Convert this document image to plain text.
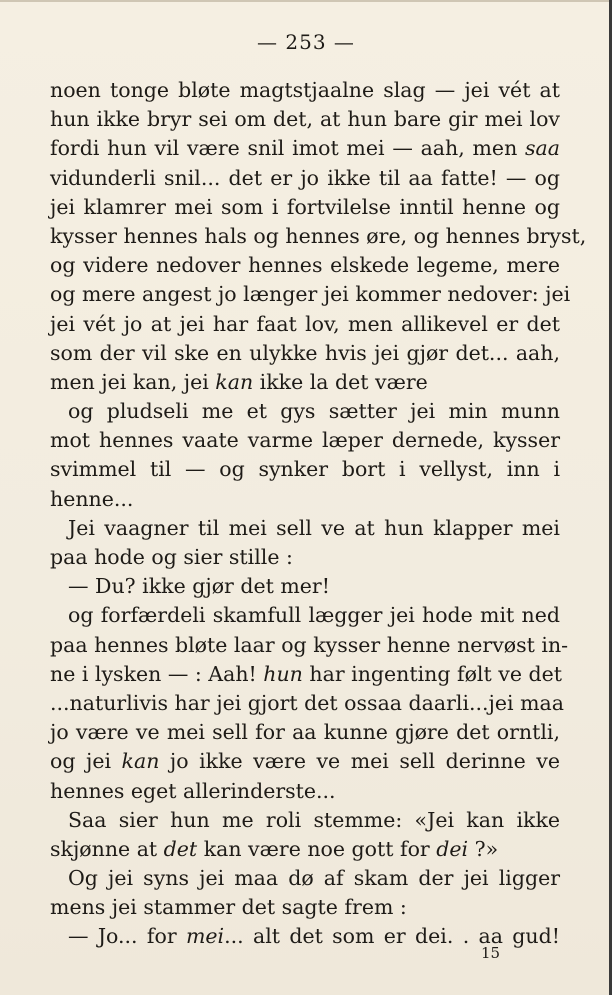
— 253 —
noen tonge bløte magtstjaalne slag — jei vét at
hun ikke bryr sei om det, at hun bare gir mei lov
fordi hun vil være snil imot mei — aah, men saa
vidunderli snil... det er jo ikke til aa fatte! — og
jei klamrer mei som i fortvilelse inntil henne og
kysser hennes hals og hennes øre, og hennes bryst,
og videre nedover hennes elskede legeme, mere
og mere angest jo længer jei kommer nedover: jei
jei vét jo at jei har faat lov, men allikevel er det
som der vil ske en ulykke hvis jei gjør det... aah,
men jei kan, jei kan ikke la det være
og pludseli me et gys sætter jei min munn
mot hennes vaate varme læper dernede, kysser
svimmel til — og synker bort i vellyst, inn i
henne...
Jei vaagner til mei sell ve at hun klapper mei
paa hode og sier stille :
— Du? ikke gjør det mer!
og forfærdeli skamfull lægger jei hode mit ned
paa hennes bløte laar og kysser henne nervøst in-
ne i lysken — : Aah! hun har ingenting følt ve det
...naturlivis har jei gjort det ossaa daarli...jei maa
jo være ve mei sell for aa kunne gjøre det orntli,
og jei kan jo ikke være ve mei sell derinne ve
hennes eget allerinderste...
Saa sier hun me roli stemme: «Jei kan ikke
skjønne at det kan være noe gott for dei ?»
Og jei syns jei maa dø af skam der jei ligger
mens jei stammer det sagte frem :
— Jo... for mei... alt det som er dei. . aa gud!
15
